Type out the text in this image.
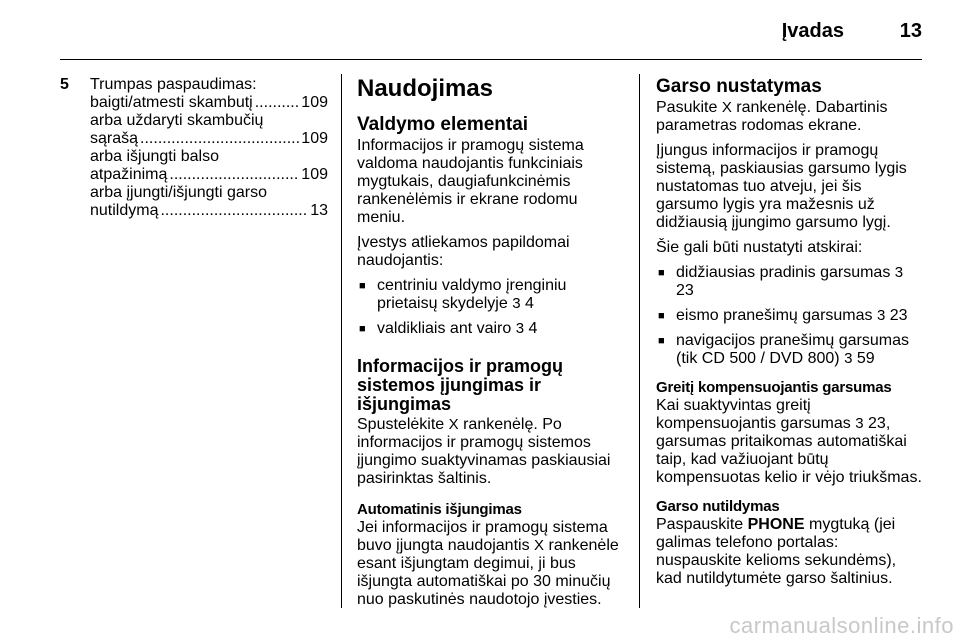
Įvadas	13
5 Trumpas paspaudimas:
baigti/atmesti skambutį .....	109
arba uždaryti skambučių
sąrašą .....	109
arba išjungti balso
atpažinimą .....	109
arba įjungti/išjungti garso
nutildymą .....	13
Naudojimas
Valdymo elementai

Informacijos ir pramogų sistema valdoma naudojantis funkciniais mygtukais, daugiafunkcinėmis rankenėlėmis ir ekrane rodomu meniu.

Įvestys atliekamos papildomai naudojantis:

■ centriniu valdymo įrenginiu prietaisų skydelyje 3 4
■ valdikliais ant vairo 3 4
Informacijos ir pramogų sistemos įjungimas ir išjungimas

Spustelėkite X rankenėlę. Po informacijos ir pramogų sistemos įjungimo suaktyvinamas paskiausiai pasirinktas šaltinis.

Automatinis išjungimas

Jei informacijos ir pramogų sistema buvo įjungta naudojantis X rankenėle esant išjungtam degimui, ji bus išjungta automatiškai po 30 minučių nuo paskutinės naudotojo įvesties.

Garso nustatymas

Pasukite X rankenėlę. Dabartinis parametras rodomas ekrane.

Įjungus informacijos ir pramogų sistemą, paskiausias garsumo lygis nustatomas tuo atveju, jei šis garsumo lygis yra mažesnis už didžiausią įjungimo garsumo lygį.

Šie gali būti nustatyti atskirai:

■ didžiausias pradinis garsumas 3 23
■ eismo pranešimų garsumas 3 23
■ navigacijos pranešimų garsumas (tik CD 500 / DVD 800) 3 59
Greitį kompensuojantis garsumas

Kai suaktyvintas greitį kompensuojantis garsumas 3 23, garsumas pritaikomas automatiškai taip, kad važiuojant būtų kompensuotas kelio ir vėjo triukšmas.

Garso nutildymas

Paspauskite PHONE mygtuką (jei galimas telefono portalas:
nuspauskite kelioms sekundėms), kad nutildytumėte garso šaltinius.

carmanualsonline.info
